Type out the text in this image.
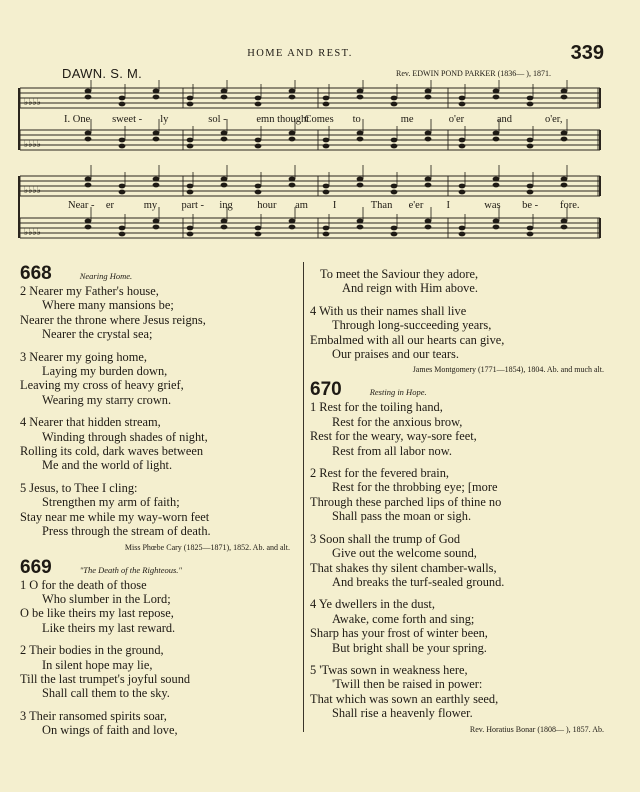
HOME AND REST.	339
DAWN. S. M.	Rev. EDWIN POND PARKER (1836— ), 1871.
♭♭♭♭
♭♭♭♭
♭♭♭♭
♭♭♭♭
I. One sweet - ly	sol -	emn thought
Comes to	me	o'er	and	o'er,
Near - er	my part - ing hour am I	Than e'er I	was be - fore.
668	Nearing Home.
2 Nearer my Father's house,
Where many mansions be;
Nearer the throne where Jesus reigns,
Nearer the crystal sea;
3 Nearer my going home,
Laying my burden down,
Leaving my cross of heavy grief,
Wearing my starry crown.
4 Nearer that hidden stream,
Winding through shades of night,
Rolling its cold, dark waves between
Me and the world of light.
5 Jesus, to Thee I cling:
Strengthen my arm of faith;
Stay near me while my way-worn feet
Press through the stream of death.
Miss Phœbe Cary (1825—1871), 1852. Ab. and alt.
669	"The Death of the Righteous."
1 O for the death of those
Who slumber in the Lord;
O be like theirs my last repose,
Like theirs my last reward.
2 Their bodies in the ground,
In silent hope may lie,
Till the last trumpet's joyful sound
Shall call them to the sky.
3 Their ransomed spirits soar,
On wings of faith and love,
To meet the Saviour they adore,
And reign with Him above.
4 With us their names shall live
Through long-succeeding years,
Embalmed with all our hearts can give,
Our praises and our tears.
James Montgomery (1771—1854), 1804. Ab. and much alt.
670	Resting in Hope.
1 Rest for the toiling hand,
Rest for the anxious brow,
Rest for the weary, way-sore feet,
Rest from all labor now.
2 Rest for the fevered brain,
Rest for the throbbing eye; [more
Through these parched lips of thine no
Shall pass the moan or sigh.
3 Soon shall the trump of God
Give out the welcome sound,
That shakes thy silent chamber-walls,
And breaks the turf-sealed ground.
4 Ye dwellers in the dust,
Awake, come forth and sing;
Sharp has your frost of winter been,
But bright shall be your spring.
5 'Twas sown in weakness here,
'Twill then be raised in power:
That which was sown an earthly seed,
Shall rise a heavenly flower.
Rev. Horatius Bonar (1808— ), 1857. Ab.
